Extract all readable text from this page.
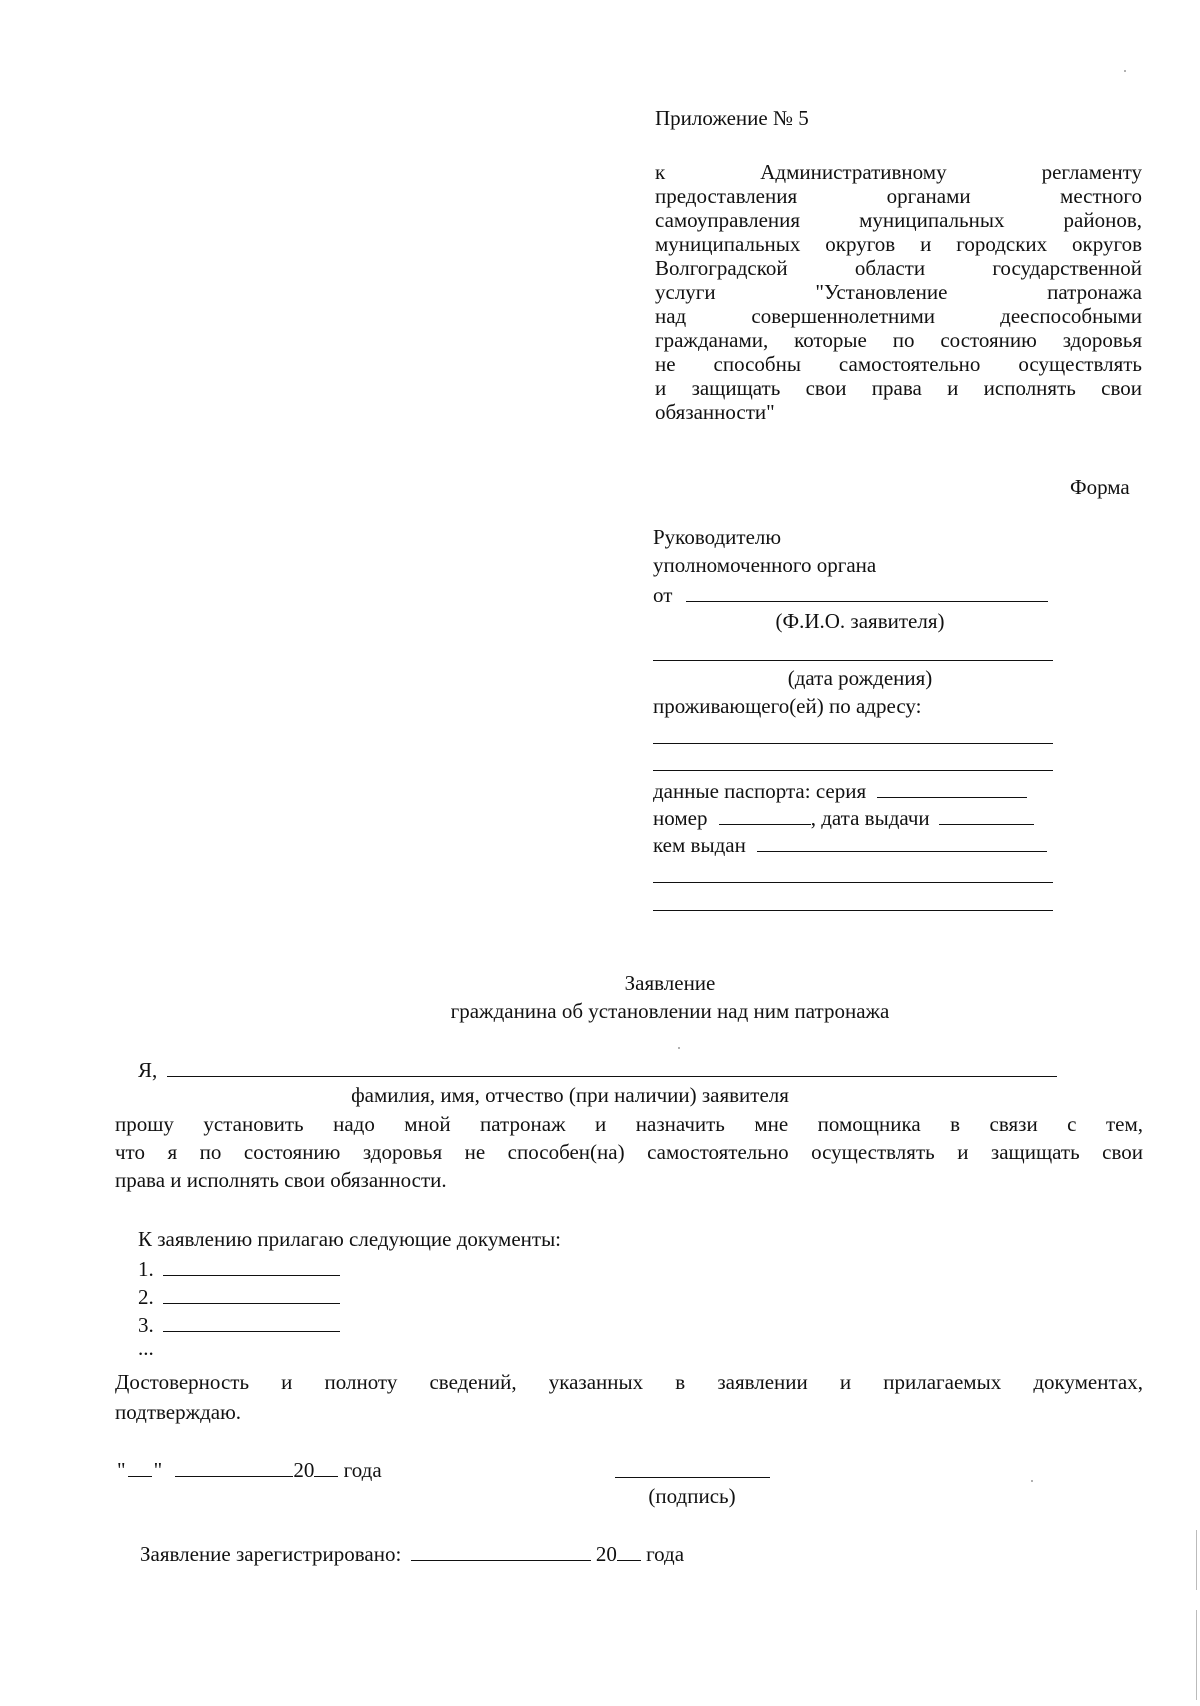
Приложение № 5
к Административному регламенту
предоставления органами местного
самоуправления муниципальных районов,
муниципальных округов и городских округов
Волгоградской области государственной
услуги "Установление патронажа
над совершеннолетними дееспособными
гражданами, которые по состоянию здоровья
не способны самостоятельно осуществлять
и защищать свои права и исполнять свои
обязанности"
Форма
Руководителю
уполномоченного органа
от
(Ф.И.О. заявителя)
(дата рождения)
проживающего(ей) по адресу:
данные паспорта: серия
номер	, дата выдачи
кем выдан
Заявление
гражданина об установлении над ним патронажа
Я,
фамилия, имя, отчество (при наличии) заявителя
прошу установить надо мной патронаж и назначить мне помощника в связи с тем,
что я по состоянию здоровья не способен(на) самостоятельно осуществлять и защищать свои
права и исполнять свои обязанности.
К заявлению прилагаю следующие документы:
1.
2.
3.
...
Достоверность и полноту сведений, указанных в заявлении и прилагаемых документах,
подтверждаю.
" "	20 года
(подпись)
Заявление зарегистрировано:	20 года
